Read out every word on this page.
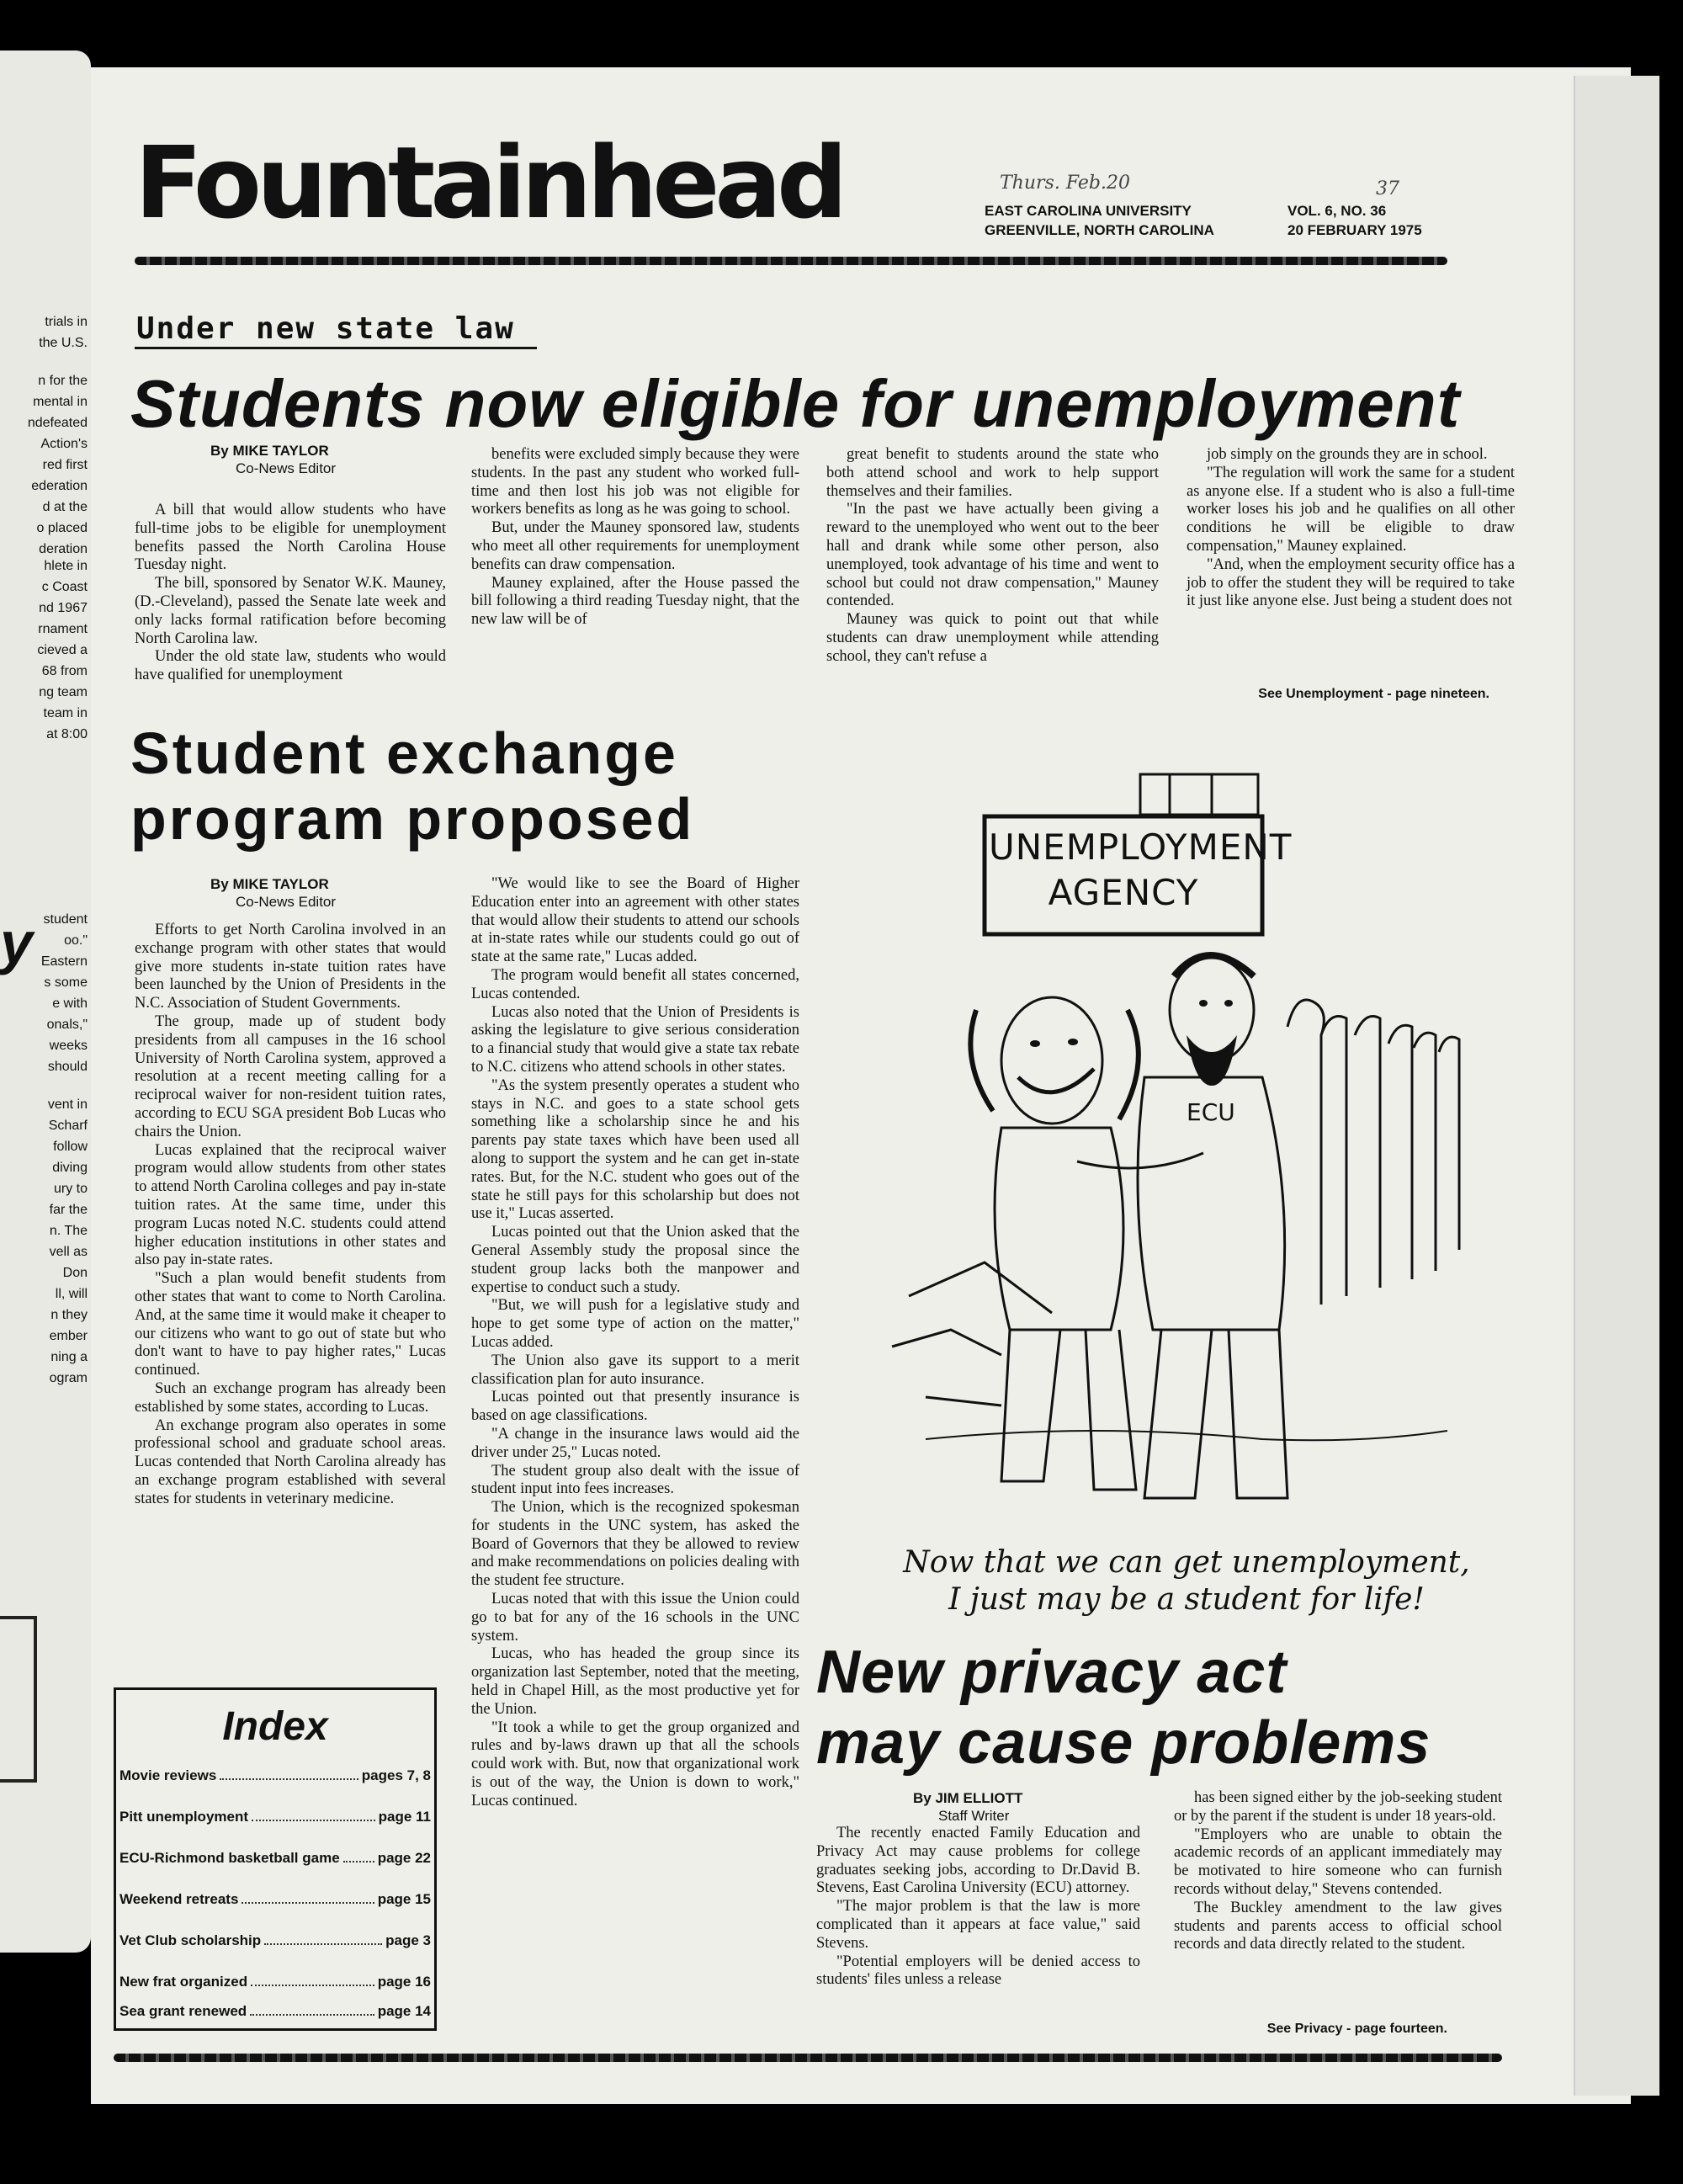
trials in
the U.S.
n for the
mental in
ndefeated
Action's
red first
ederation
d at the
o placed
deration
hlete in
c Coast
nd 1967
rnament
cieved a
68 from
ng team
team in
at 8:00
student
oo."
Eastern
s some
e with
onals,"
weeks
should
vent in
Scharf
follow
diving
ury to
far the
n. The
vell as
Don
ll, will
n they
ember
ning a
ogram
y
Fountainhead	Thurs. Feb.20	37
EAST CAROLINA UNIVERSITY
GREENVILLE, NORTH CAROLINA
VOL. 6, NO. 36
20 FEBRUARY 1975
Under new state law
Students now eligible for unemployment
By MIKE TAYLOR
Co-News Editor

A bill that would allow students who have full-time jobs to be eligible for unemployment benefits passed the North Carolina House Tuesday night.

The bill, sponsored by Senator W.K. Mauney, (D.-Cleveland), passed the Senate late week and only lacks formal ratification before becoming North Carolina law.

Under the old state law, students who would have qualified for unemployment

benefits were excluded simply because they were students. In the past any student who worked full-time and then lost his job was not eligible for workers benefits as long as he was going to school.

But, under the Mauney sponsored law, students who meet all other requirements for unemployment benefits can draw compensation.

Mauney explained, after the House passed the bill following a third reading Tuesday night, that the new law will be of

great benefit to students around the state who both attend school and work to help support themselves and their families.

"In the past we have actually been giving a reward to the unemployed who went out to the beer hall and drank while some other person, also unemployed, took advantage of his time and went to school but could not draw compensation," Mauney contended.

Mauney was quick to point out that while students can draw unemployment while attending school, they can't refuse a

job simply on the grounds they are in school.

"The regulation will work the same for a student as anyone else. If a student who is also a full-time worker loses his job and he qualifies on all other conditions he will be eligible to draw compensation," Mauney explained.

"And, when the employment security office has a job to offer the student they will be required to take it just like anyone else. Just being a student does not

See Unemployment - page nineteen.
Student exchange
program proposed
By MIKE TAYLOR
Co-News Editor

Efforts to get North Carolina involved in an exchange program with other states that would give more students in-state tuition rates have been launched by the Union of Presidents in the N.C. Association of Student Governments.

The group, made up of student body presidents from all campuses in the 16 school University of North Carolina system, approved a resolution at a recent meeting calling for a reciprocal waiver for non-resident tuition rates, according to ECU SGA president Bob Lucas who chairs the Union.

Lucas explained that the reciprocal waiver program would allow students from other states to attend North Carolina colleges and pay in-state tuition rates. At the same time, under this program Lucas noted N.C. students could attend higher education institutions in other states and also pay in-state rates.

"Such a plan would benefit students from other states that want to come to North Carolina. And, at the same time it would make it cheaper to our citizens who want to go out of state but who don't want to have to pay higher rates," Lucas continued.

Such an exchange program has already been established by some states, according to Lucas.

An exchange program also operates in some professional school and graduate school areas. Lucas contended that North Carolina already has an exchange program established with several states for students in veterinary medicine.

"We would like to see the Board of Higher Education enter into an agreement with other states that would allow their students to attend our schools at in-state rates while our students could go out of state at the same rate," Lucas added.

The program would benefit all states concerned, Lucas contended.

Lucas also noted that the Union of Presidents is asking the legislature to give serious consideration to a financial study that would give a state tax rebate to N.C. citizens who attend schools in other states.

"As the system presently operates a student who stays in N.C. and goes to a state school gets something like a scholarship since he and his parents pay state taxes which have been used all along to support the system and he can get in-state rates. But, for the N.C. student who goes out of the state he still pays for this scholarship but does not use it," Lucas asserted.

Lucas pointed out that the Union asked that the General Assembly study the proposal since the student group lacks both the manpower and expertise to conduct such a study.

"But, we will push for a legislative study and hope to get some type of action on the matter," Lucas added.

The Union also gave its support to a merit classification plan for auto insurance.

Lucas pointed out that presently insurance is based on age classifications.

"A change in the insurance laws would aid the driver under 25," Lucas noted.

The student group also dealt with the issue of student input into fees increases.

The Union, which is the recognized spokesman for students in the UNC system, has asked the Board of Governors that they be allowed to review and make recommendations on policies dealing with the student fee structure.

Lucas noted that with this issue the Union could go to bat for any of the 16 schools in the UNC system.

Lucas, who has headed the group since its organization last September, noted that the meeting, held in Chapel Hill, as the most productive yet for the Union.

"It took a while to get the group organized and rules and by-laws drawn up that all the schools could work with. But, now that organizational work is out of the way, the Union is down to work," Lucas continued.

Index
Movie reviews	pages 7, 8
Pitt unemployment	page 11
ECU-Richmond basketball game	page 22
Weekend retreats	page 15
Vet Club scholarship	page 3
New frat organized	page 16
Sea grant renewed	page 14
UNEMPLOYMENT
AGENCY
ECU
Now that we can get unemployment,
I just may be a student for life!
New privacy act
may cause problems
By JIM ELLIOTT
Staff Writer

The recently enacted Family Education and Privacy Act may cause problems for college graduates seeking jobs, according to Dr.David B. Stevens, East Carolina University (ECU) attorney.

"The major problem is that the law is more complicated than it appears at face value," said Stevens.

"Potential employers will be denied access to students' files unless a release

has been signed either by the job-seeking student or by the parent if the student is under 18 years-old.

"Employers who are unable to obtain the academic records of an applicant immediately may be motivated to hire someone who can furnish records without delay," Stevens contended.

The Buckley amendment to the law gives students and parents access to official school records and data directly related to the student.

See Privacy - page fourteen.
